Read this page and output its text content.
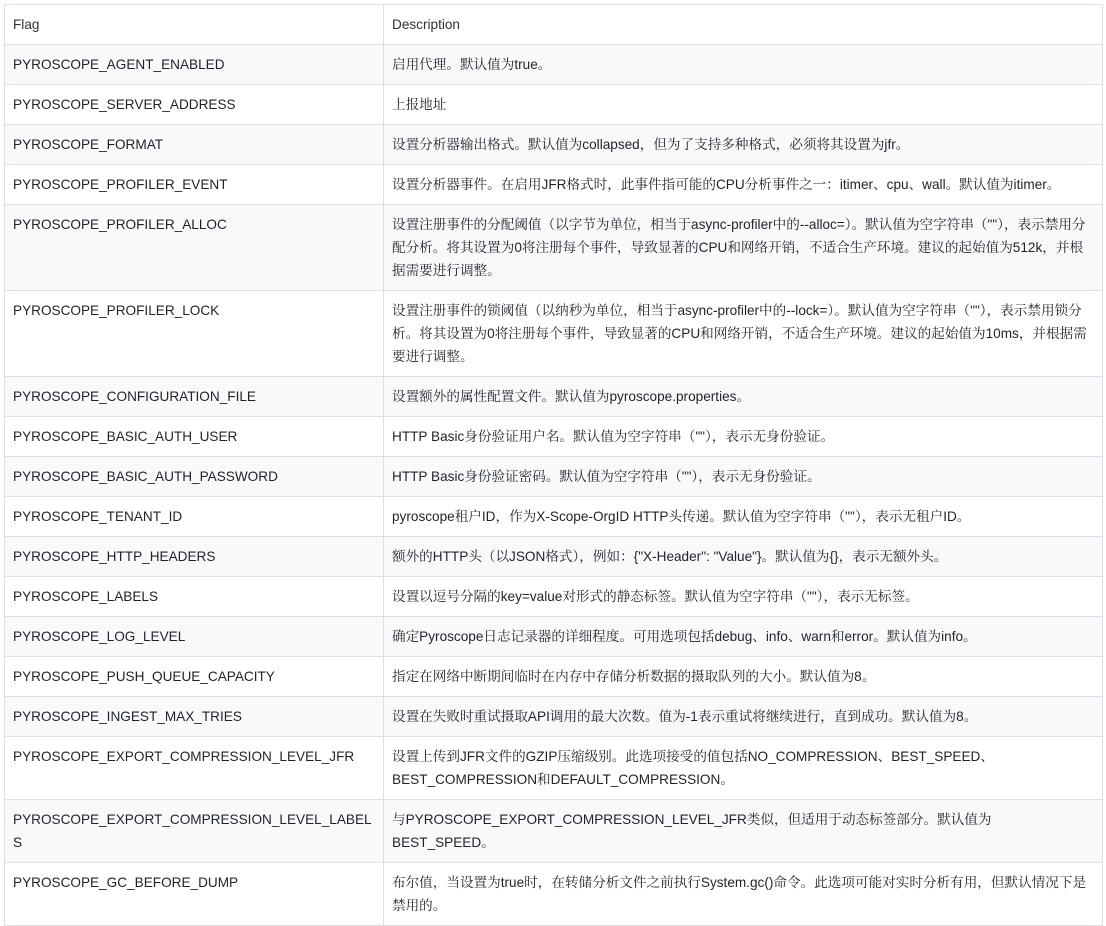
Flag	Description
PYROSCOPE_AGENT_ENABLED	启用代理。默认值为true。
PYROSCOPE_SERVER_ADDRESS	上报地址
PYROSCOPE_FORMAT	设置分析器输出格式。默认值为collapsed，但为了支持多种格式，必须将其设置为jfr。
PYROSCOPE_PROFILER_EVENT	设置分析器事件。在启用JFR格式时，此事件指可能的CPU分析事件之一：itimer、cpu、wall。默认值为itimer。
PYROSCOPE_PROFILER_ALLOC	设置注册事件的分配阈值（以字节为单位，相当于async-profiler中的--alloc=）。默认值为空字符串（""），表示禁用分配分析。将其设置为0将注册每个事件，导致显著的CPU和网络开销，不适合生产环境。建议的起始值为512k，并根据需要进行调整。
PYROSCOPE_PROFILER_LOCK	设置注册事件的锁阈值（以纳秒为单位，相当于async-profiler中的--lock=）。默认值为空字符串（""），表示禁用锁分析。将其设置为0将注册每个事件，导致显著的CPU和网络开销，不适合生产环境。建议的起始值为10ms，并根据需要进行调整。
PYROSCOPE_CONFIGURATION_FILE	设置额外的属性配置文件。默认值为pyroscope.properties。
PYROSCOPE_BASIC_AUTH_USER	HTTP Basic身份验证用户名。默认值为空字符串（""），表示无身份验证。
PYROSCOPE_BASIC_AUTH_PASSWORD	HTTP Basic身份验证密码。默认值为空字符串（""），表示无身份验证。
PYROSCOPE_TENANT_ID	pyroscope租户ID，作为X-Scope-OrgID HTTP头传递。默认值为空字符串（""），表示无租户ID。
PYROSCOPE_HTTP_HEADERS	额外的HTTP头（以JSON格式），例如：{"X-Header": "Value"}。默认值为{}，表示无额外头。
PYROSCOPE_LABELS	设置以逗号分隔的key=value对形式的静态标签。默认值为空字符串（""），表示无标签。
PYROSCOPE_LOG_LEVEL	确定Pyroscope日志记录器的详细程度。可用选项包括debug、info、warn和error。默认值为info。
PYROSCOPE_PUSH_QUEUE_CAPACITY	指定在网络中断期间临时在内存中存储分析数据的摄取队列的大小。默认值为8。
PYROSCOPE_INGEST_MAX_TRIES	设置在失败时重试摄取API调用的最大次数。值为-1表示重试将继续进行，直到成功。默认值为8。
PYROSCOPE_EXPORT_COMPRESSION_LEVEL_JFR	设置上传到JFR文件的GZIP压缩级别。此选项接受的值包括NO_COMPRESSION、BEST_SPEED、BEST_COMPRESSION和DEFAULT_COMPRESSION。
PYROSCOPE_EXPORT_COMPRESSION_LEVEL_LABELS	与PYROSCOPE_EXPORT_COMPRESSION_LEVEL_JFR类似，但适用于动态标签部分。默认值为BEST_SPEED。
PYROSCOPE_GC_BEFORE_DUMP	布尔值，当设置为true时，在转储分析文件之前执行System.gc()命令。此选项可能对实时分析有用，但默认情况下是禁用的。
